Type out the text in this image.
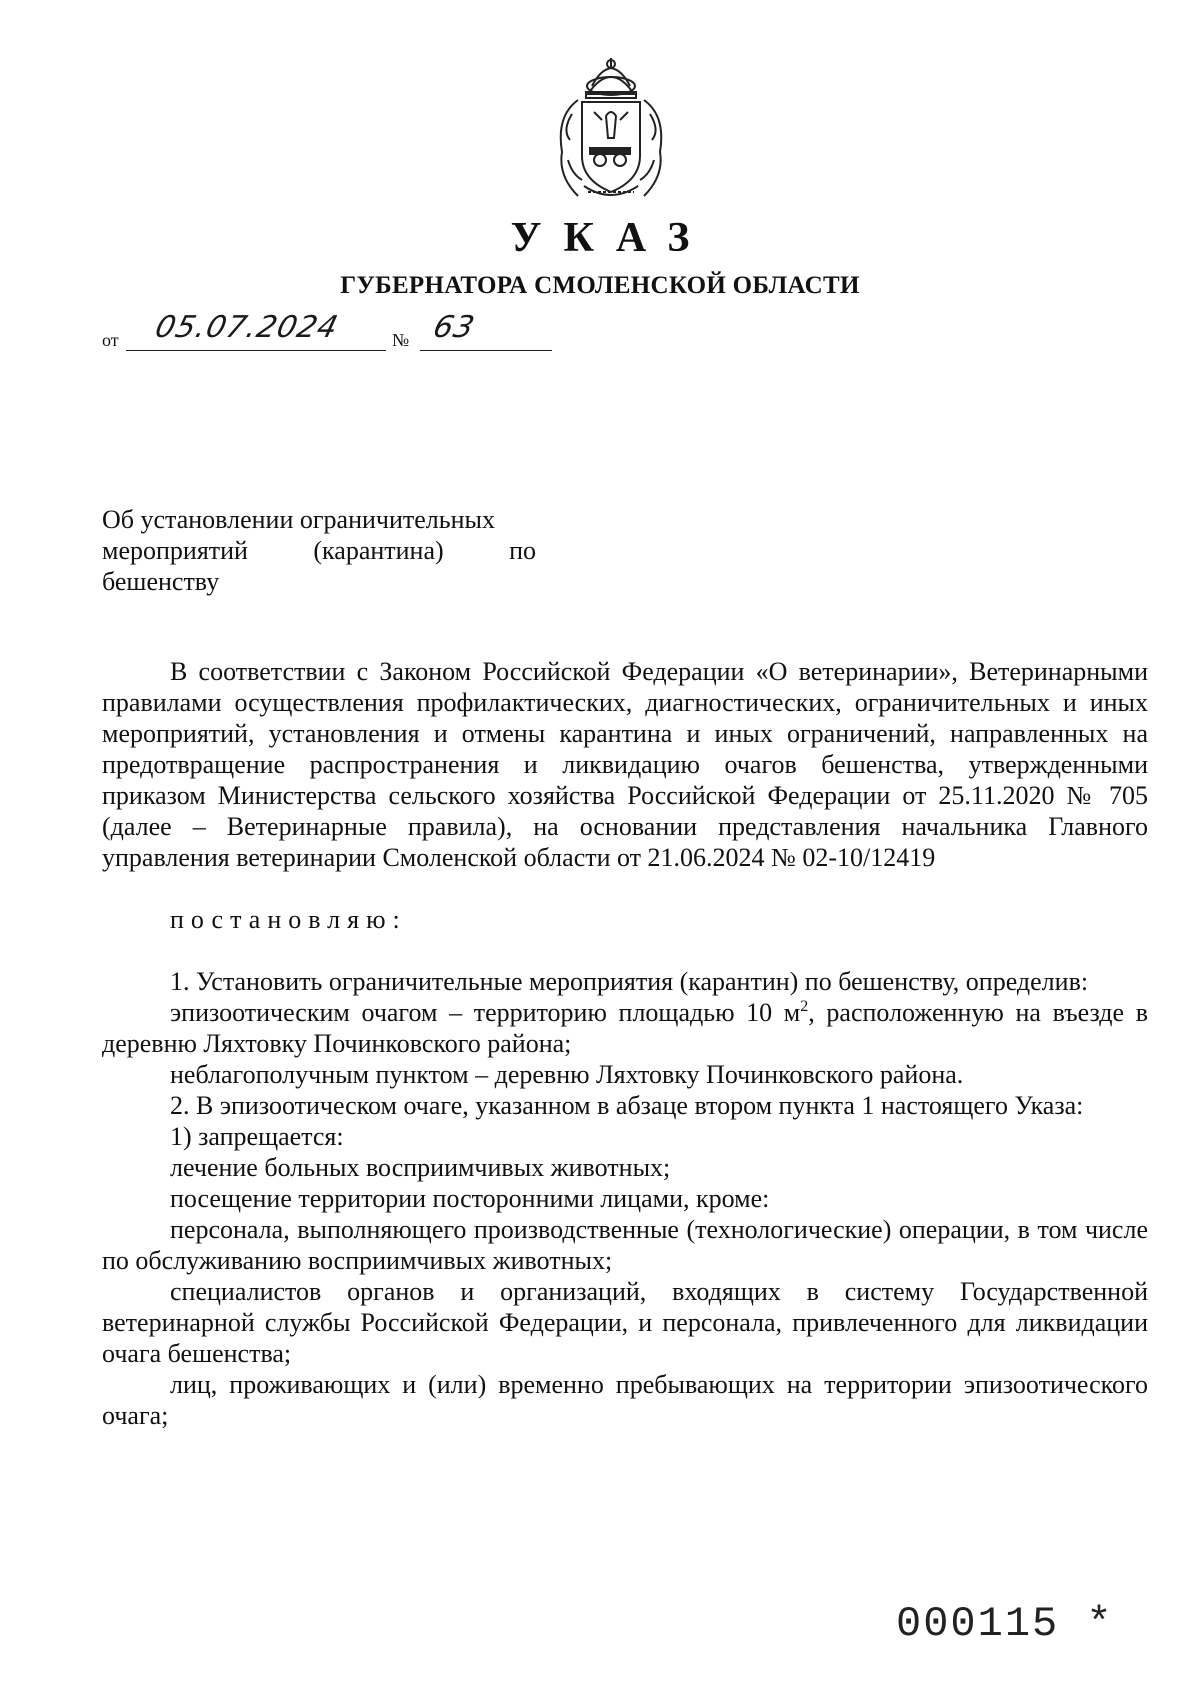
УКАЗ
ГУБЕРНАТОРА СМОЛЕНСКОЙ ОБЛАСТИ
от 05.07.2024	№ 63
Об установлении ограничительных
мероприятий (карантина) по
бешенству

В соответствии с Законом Российской Федерации «О ветеринарии», Ветеринарными правилами осуществления профилактических, диагностических, ограничительных и иных мероприятий, установления и отмены карантина и иных ограничений, направленных на предотвращение распространения и ликвидацию очагов бешенства, утвержденными приказом Министерства сельского хозяйства Российской Федерации от 25.11.2020 № 705 (далее – Ветеринарные правила), на основании представления начальника Главного управления ветеринарии Смоленской области от 21.06.2024 № 02-10/12419

постановляю:

1. Установить ограничительные мероприятия (карантин) по бешенству, определив:

эпизоотическим очагом – территорию площадью 10 $м^2$, расположенную на въезде в деревню Ляхтовку Починковского района;

неблагополучным пунктом – деревню Ляхтовку Починковского района.

2. В эпизоотическом очаге, указанном в абзаце втором пункта 1 настоящего Указа:

1) запрещается:

лечение больных восприимчивых животных;

посещение территории посторонними лицами, кроме:

персонала, выполняющего производственные (технологические) операции, в том числе по обслуживанию восприимчивых животных;

специалистов органов и организаций, входящих в систему Государственной ветеринарной службы Российской Федерации, и персонала, привлеченного для ликвидации очага бешенства;

лиц, проживающих и (или) временно пребывающих на территории эпизоотического очага;

000115 *
